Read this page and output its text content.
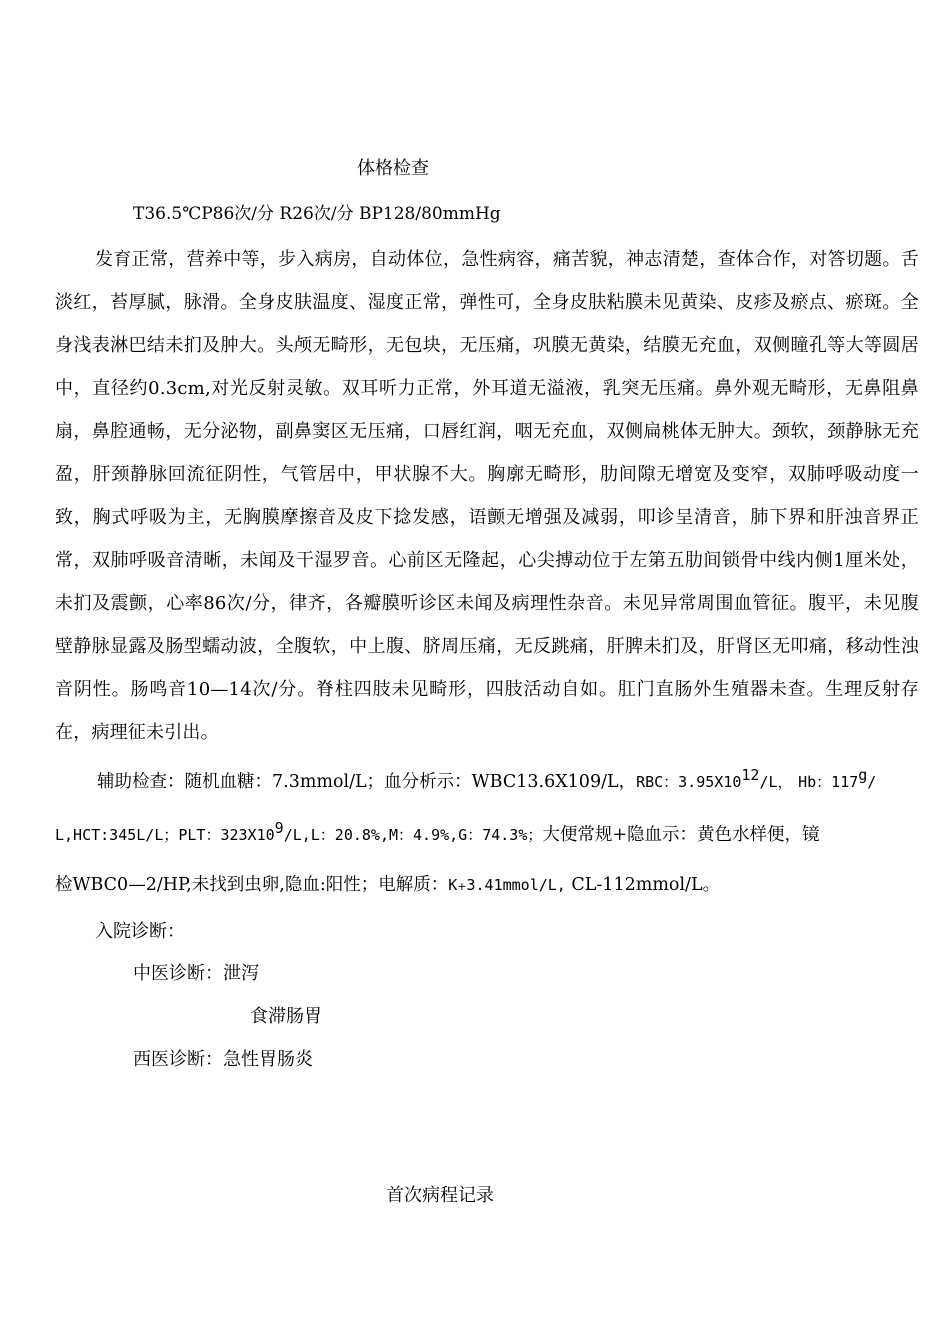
体格检查
T36.5℃P86次/分 R26次/分 BP128/80mmHg

发育正常，营养中等，步入病房，自动体位，急性病容，痛苦貌，神志清楚，查体合作，对答切题。舌淡红，苔厚腻，脉滑。全身皮肤温度、湿度正常，弹性可，全身皮肤粘膜未见黄染、皮疹及瘀点、瘀斑。全身浅表淋巴结未扪及肿大。头颅无畸形，无包块，无压痛，巩膜无黄染，结膜无充血，双侧瞳孔等大等圆居中，直径约0.3cm,对光反射灵敏。双耳听力正常，外耳道无溢液，乳突无压痛。鼻外观无畸形，无鼻阻鼻扇，鼻腔通畅，无分泌物，副鼻窦区无压痛，口唇红润，咽无充血，双侧扁桃体无肿大。颈软，颈静脉无充盈，肝颈静脉回流征阴性，气管居中，甲状腺不大。胸廓无畸形，肋间隙无增宽及变窄，双肺呼吸动度一致，胸式呼吸为主，无胸膜摩擦音及皮下捻发感，语颤无增强及减弱，叩诊呈清音，肺下界和肝浊音界正常，双肺呼吸音清晰，未闻及干湿罗音。心前区无隆起，心尖搏动位于左第五肋间锁骨中线内侧1厘米处，未扪及震颤，心率86次/分，律齐，各瓣膜听诊区未闻及病理性杂音。未见异常周围血管征。腹平，未见腹壁静脉显露及肠型蠕动波，全腹软，中上腹、脐周压痛，无反跳痛，肝脾未扪及，肝肾区无叩痛，移动性浊音阴性。肠鸣音10—14次/分。脊柱四肢未见畸形，四肢活动自如。肛门直肠外生殖器未查。生理反射存在，病理征未引出。

辅助检查：随机血糖：7.3mmol/L；血分析示：WBC13.6X109/L，RBC：$3.95X10^{12}/L$， Hb：117$^g$/
L,HCT:345L/L；PLT：$323X10^9/L,L$：20.8%,M：4.9%,G：74.3%；大便常规+隐血示：黄色水样便，镜
检WBC0—2/HP,未找到虫卵,隐血:阳性；电解质：K+3.41mmol/L, CL-112mmol/L。
入院诊断：
中医诊断：泄泻
食滞肠胃
西医诊断：急性胃肠炎
首次病程记录
